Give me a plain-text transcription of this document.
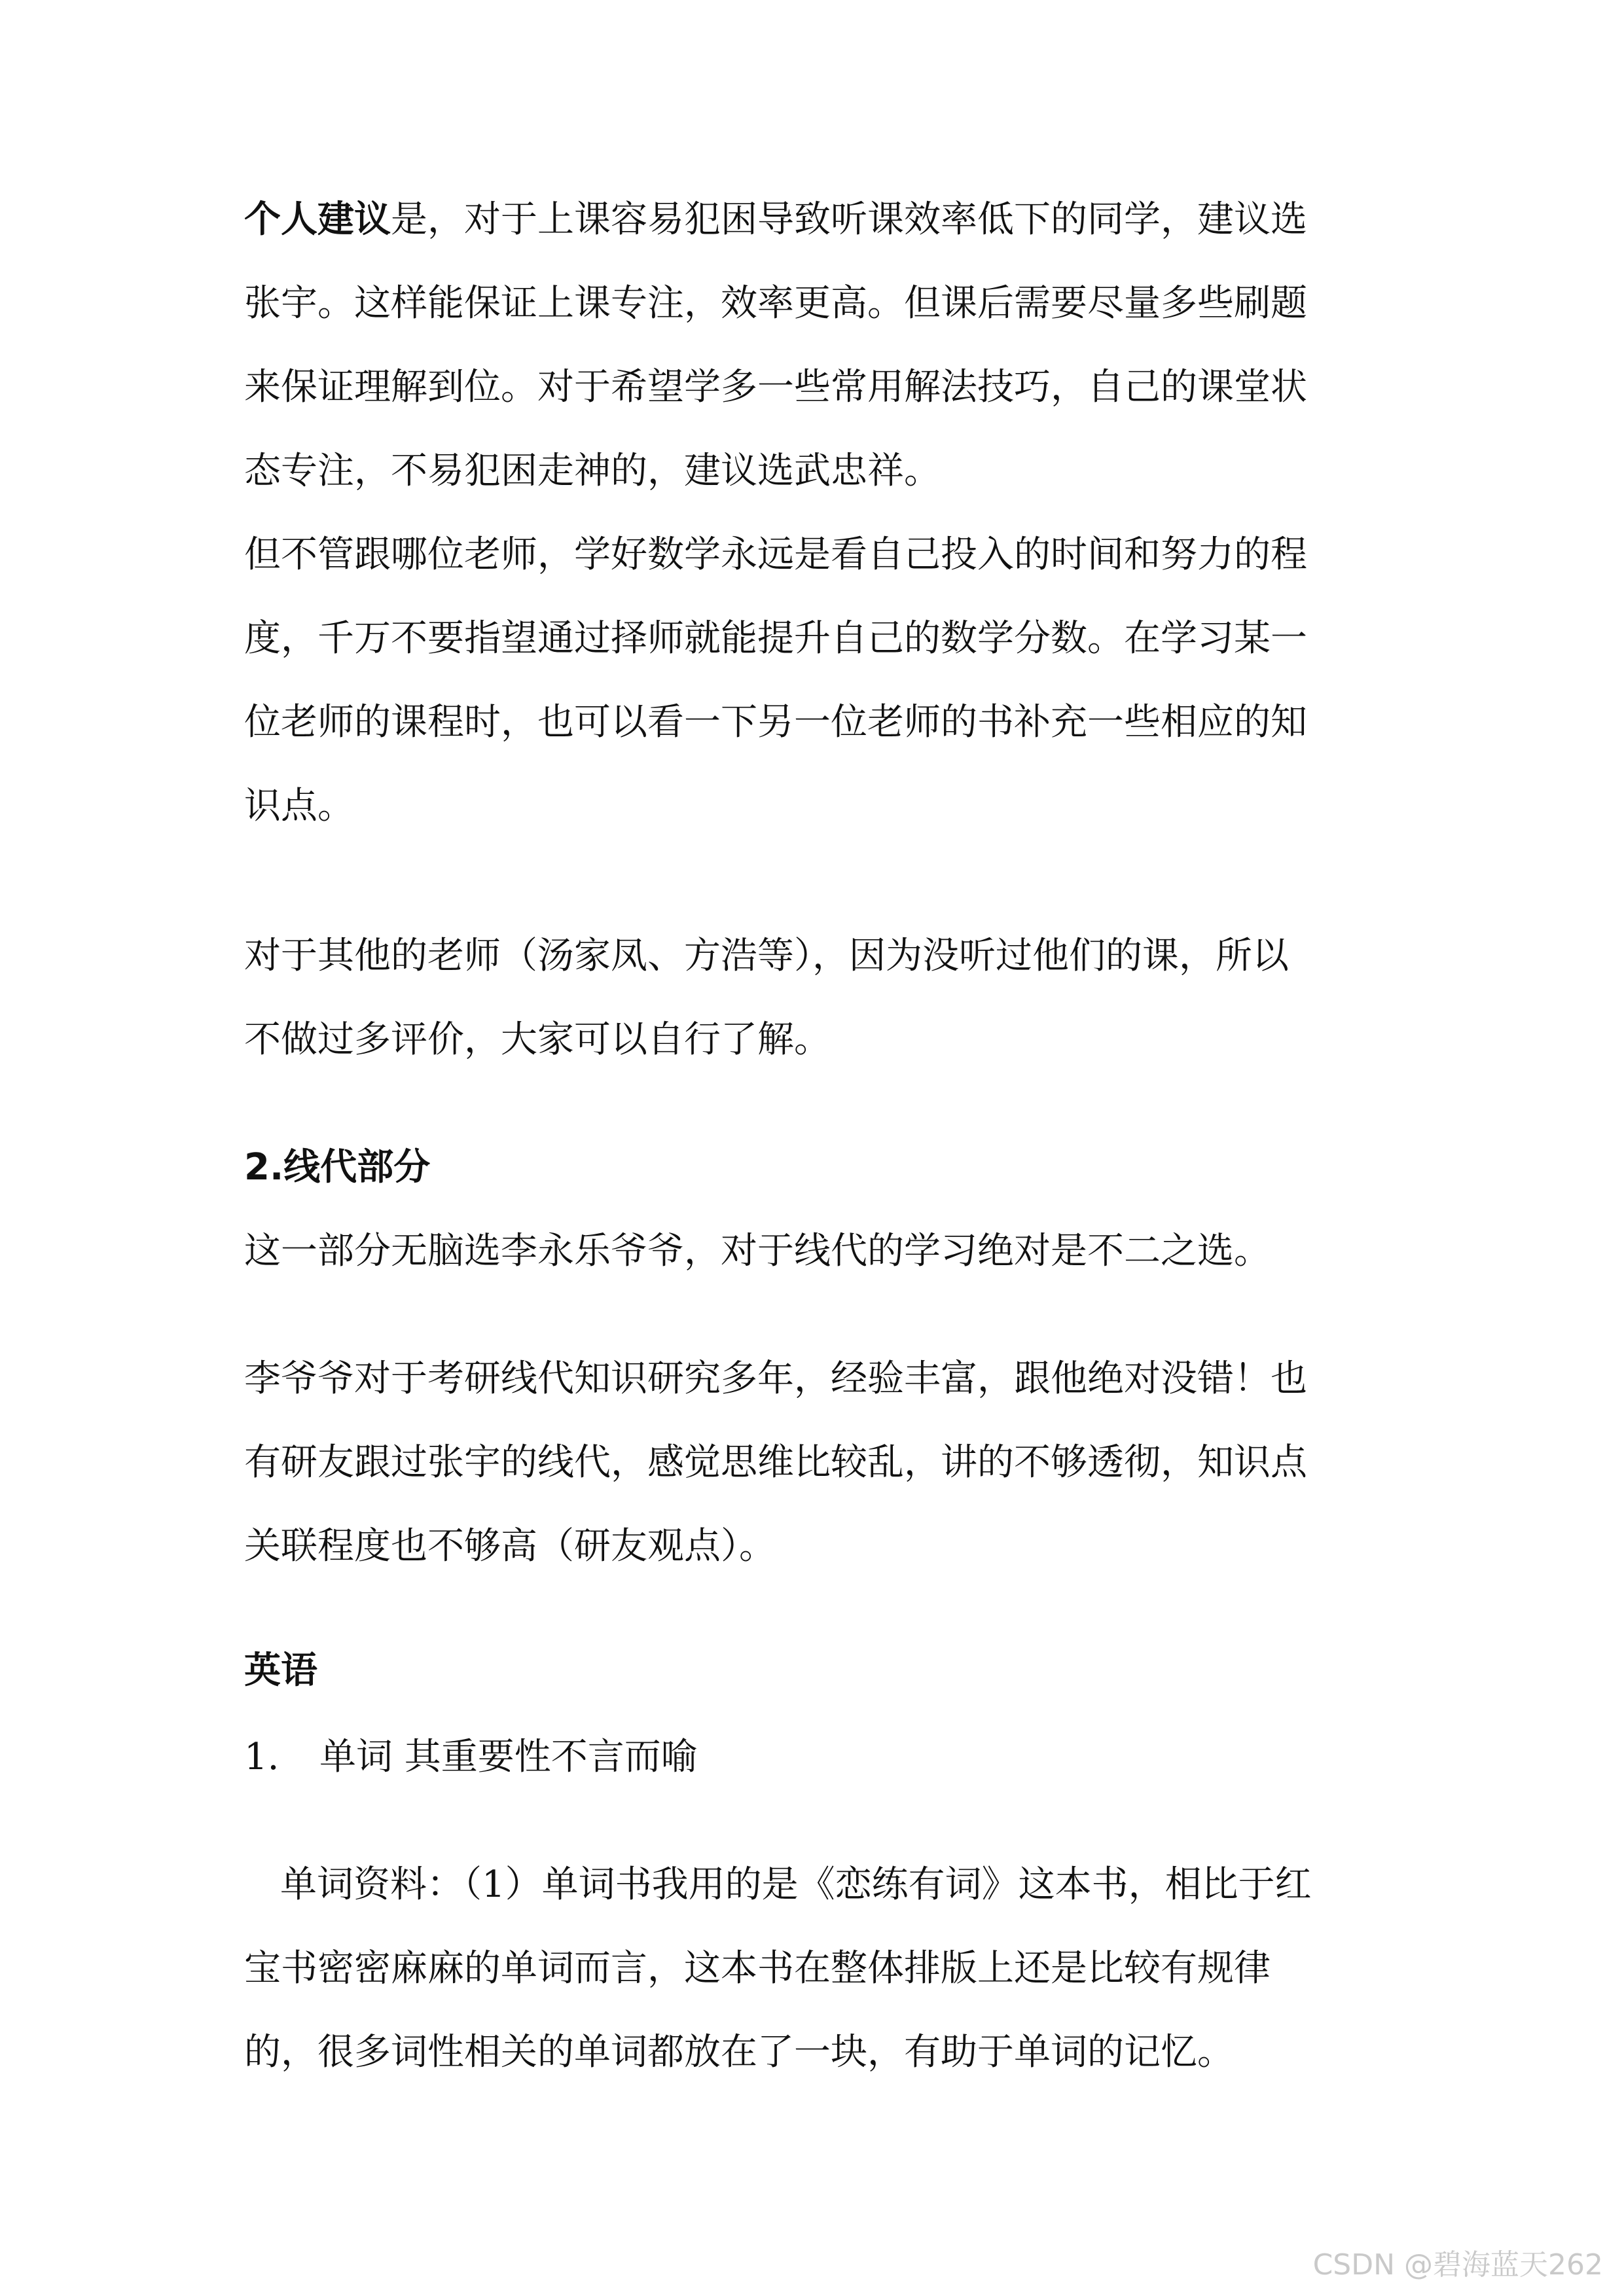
个人建议是，对于上课容易犯困导致听课效率低下的同学，建议选
张宇。这样能保证上课专注，效率更高。但课后需要尽量多些刷题
来保证理解到位。对于希望学多一些常用解法技巧，自己的课堂状
态专注，不易犯困走神的，建议选武忠祥。
但不管跟哪位老师，学好数学永远是看自己投入的时间和努力的程
度，千万不要指望通过择师就能提升自己的数学分数。在学习某一
位老师的课程时，也可以看一下另一位老师的书补充一些相应的知
识点。
对于其他的老师（汤家凤、方浩等），因为没听过他们的课，所以
不做过多评价，大家可以自行了解。
2.线代部分
这一部分无脑选李永乐爷爷，对于线代的学习绝对是不二之选。
李爷爷对于考研线代知识研究多年，经验丰富，跟他绝对没错！也
有研友跟过张宇的线代，感觉思维比较乱，讲的不够透彻，知识点
关联程度也不够高（研友观点）。
英语
1. 单词 其重要性不言而喻
单词资料：（1）单词书我用的是《恋练有词》这本书，相比于红
宝书密密麻麻的单词而言，这本书在整体排版上还是比较有规律
的，很多词性相关的单词都放在了一块，有助于单词的记忆。
CSDN @碧海蓝天262
